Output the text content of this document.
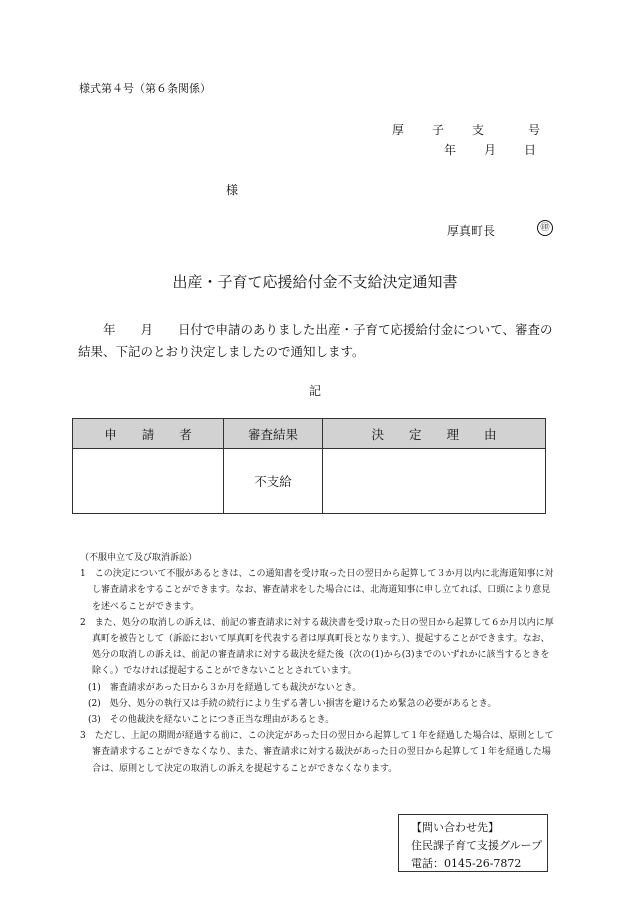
様式第４号（第６条関係）
厚 子 支	号
年 月 日
様
厚真町長	㊞
出産・子育て応援給付金不支給決定通知書
　　年　　月　　日付で申請のありました出産・子育て応援給付金について、審査の結果、下記のとおり決定しましたので通知します。
記
申　　 請　　 者	審査結果	決　　 定　　 理　　 由
	不支給	
（不服申立て及び取消訴訟）
1　この決定について不服があるときは、この通知書を受け取った日の翌日から起算して３か月以内に北海道知事に対し審査請求をすることができます。なお、審査請求をした場合には、北海道知事に申し立てれば、口頭により意見を述べることができます。
2　また、処分の取消しの訴えは、前記の審査請求に対する裁決書を受け取った日の翌日から起算して６か月以内に厚真町を被告として（訴訟において厚真町を代表する者は厚真町長となります。）、提起することができます。なお、処分の取消しの訴えは、前記の審査請求に対する裁決を経た後（次の(1)から(3)までのいずれかに該当するときを除く。）でなければ提起することができないこととされています。
(1)　審査請求があった日から３か月を経過しても裁決がないとき。
(2)　処分、処分の執行又は手続の続行により生ずる著しい損害を避けるため緊急の必要があるとき。
(3)　その他裁決を経ないことにつき正当な理由があるとき。
3　ただし、上記の期間が経過する前に、この決定があった日の翌日から起算して１年を経過した場合は、原則として審査請求することができなくなり、また、審査請求に対する裁決があった日の翌日から起算して１年を経過した場合は、原則として決定の取消しの訴えを提起することができなくなります。
【問い合わせ先】
住民課子育て支援グループ
電話：0145-26-7872
